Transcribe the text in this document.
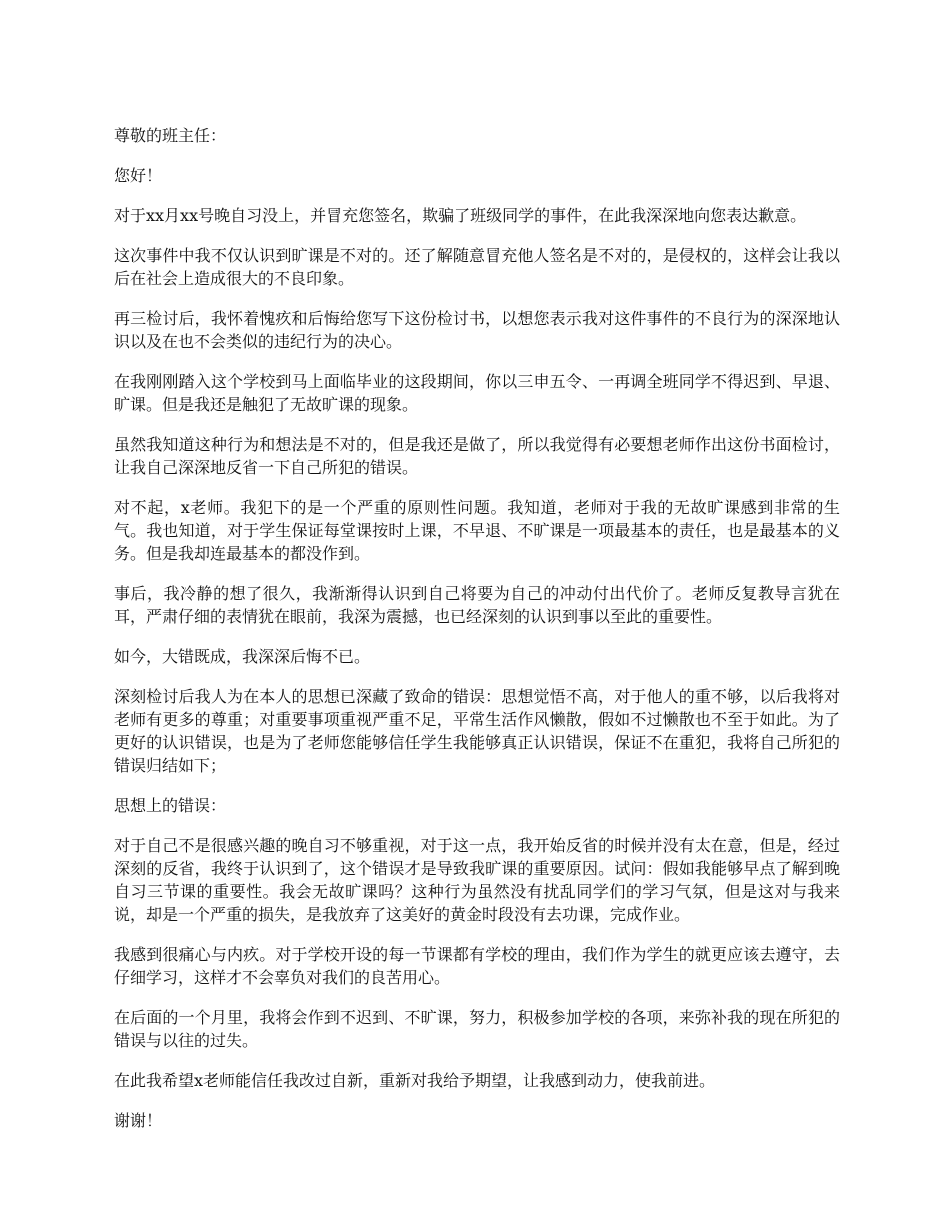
尊敬的班主任：

您好！

对于xx月xx号晚自习没上，并冒充您签名，欺骗了班级同学的事件，在此我深深地向您表达歉意。

这次事件中我不仅认识到旷课是不对的。还了解随意冒充他人签名是不对的，是侵权的，这样会让我以后在社会上造成很大的不良印象。

再三检讨后，我怀着愧疚和后悔给您写下这份检讨书，以想您表示我对这件事件的不良行为的深深地认识以及在也不会类似的违纪行为的决心。

在我刚刚踏入这个学校到马上面临毕业的这段期间，你以三申五令、一再调全班同学不得迟到、早退、旷课。但是我还是触犯了无故旷课的现象。

虽然我知道这种行为和想法是不对的，但是我还是做了，所以我觉得有必要想老师作出这份书面检讨，让我自己深深地反省一下自己所犯的错误。

对不起，x老师。我犯下的是一个严重的原则性问题。我知道，老师对于我的无故旷课感到非常的生气。我也知道，对于学生保证每堂课按时上课，不早退、不旷课是一项最基本的责任，也是最基本的义务。但是我却连最基本的都没作到。

事后，我冷静的想了很久，我渐渐得认识到自己将要为自己的冲动付出代价了。老师反复教导言犹在耳，严肃仔细的表情犹在眼前，我深为震撼，也已经深刻的认识到事以至此的重要性。

如今，大错既成，我深深后悔不已。

深刻检讨后我人为在本人的思想已深藏了致命的错误：思想觉悟不高，对于他人的重不够，以后我将对老师有更多的尊重；对重要事项重视严重不足，平常生活作风懒散，假如不过懒散也不至于如此。为了更好的认识错误，也是为了老师您能够信任学生我能够真正认识错误，保证不在重犯，我将自己所犯的错误归结如下；

思想上的错误：

对于自己不是很感兴趣的晚自习不够重视，对于这一点，我开始反省的时候并没有太在意，但是，经过深刻的反省，我终于认识到了，这个错误才是导致我旷课的重要原因。试问：假如我能够早点了解到晚自习三节课的重要性。我会无故旷课吗？这种行为虽然没有扰乱同学们的学习气氛，但是这对与我来说，却是一个严重的损失，是我放弃了这美好的黄金时段没有去功课，完成作业。

我感到很痛心与内疚。对于学校开设的每一节课都有学校的理由，我们作为学生的就更应该去遵守，去仔细学习，这样才不会辜负对我们的良苦用心。

在后面的一个月里，我将会作到不迟到、不旷课，努力，积极参加学校的各项，来弥补我的现在所犯的错误与以往的过失。

在此我希望x老师能信任我改过自新，重新对我给予期望，让我感到动力，使我前进。

谢谢！
